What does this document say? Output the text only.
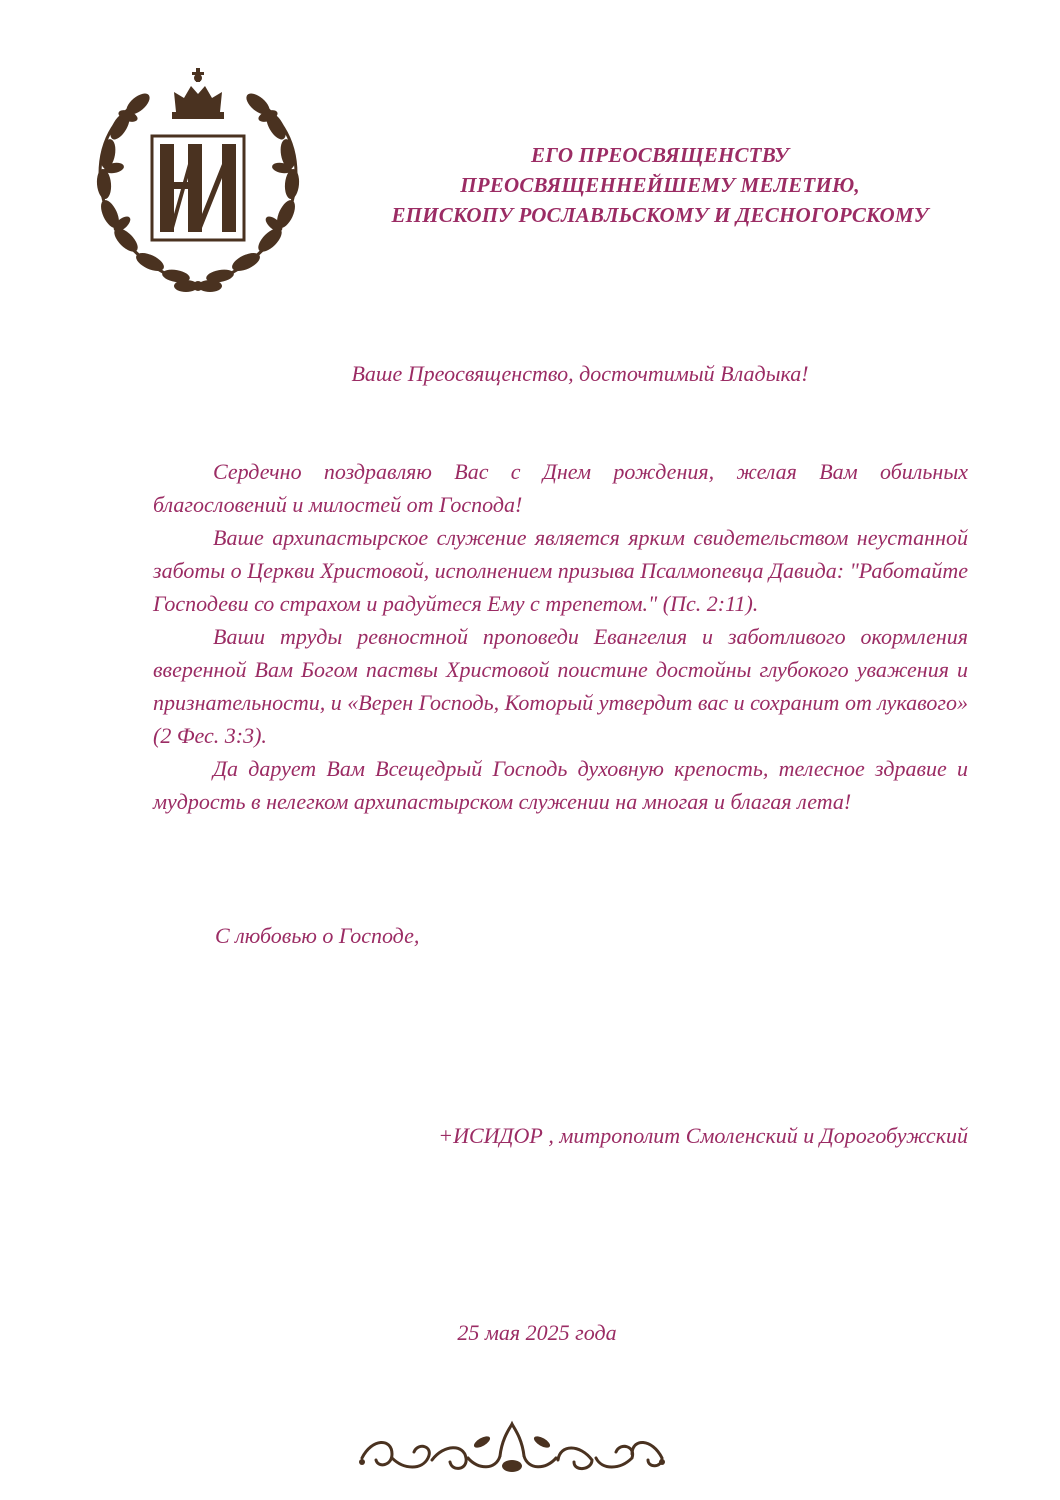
ЕГО ПРЕОСВЯЩЕНСТВУ
ПРЕОСВЯЩЕННЕЙШЕМУ МЕЛЕТИЮ,
ЕПИСКОПУ РОСЛАВЛЬСКОМУ И ДЕСНОГОРСКОМУ
Ваше Преосвященство, досточтимый Владыка!

Сердечно поздравляю Вас с Днем рождения, желая Вам обильных благословений и милостей от Господа!

Ваше архипастырское служение является ярким свидетельством неустанной заботы о Церкви Христовой, исполнением призыва Псалмопевца Давида: "Работайте Господеви со страхом и радуйтеся Ему с трепетом." (Пс. 2:11).

Ваши труды ревностной проповеди Евангелия и заботливого окормления вверенной Вам Богом паствы Христовой поистине достойны глубокого уважения и признательности, и «Верен Господь, Который утвердит вас и сохранит от лукавого» (2 Фес. 3:3).

Да дарует Вам Всещедрый Господь духовную крепость, телесное здравие и мудрость в нелегком архипастырском служении на многая и благая лета!

С любовью о Господе,
+ИСИДОР , митрополит Смоленский и Дорогобужский
25 мая 2025 года
